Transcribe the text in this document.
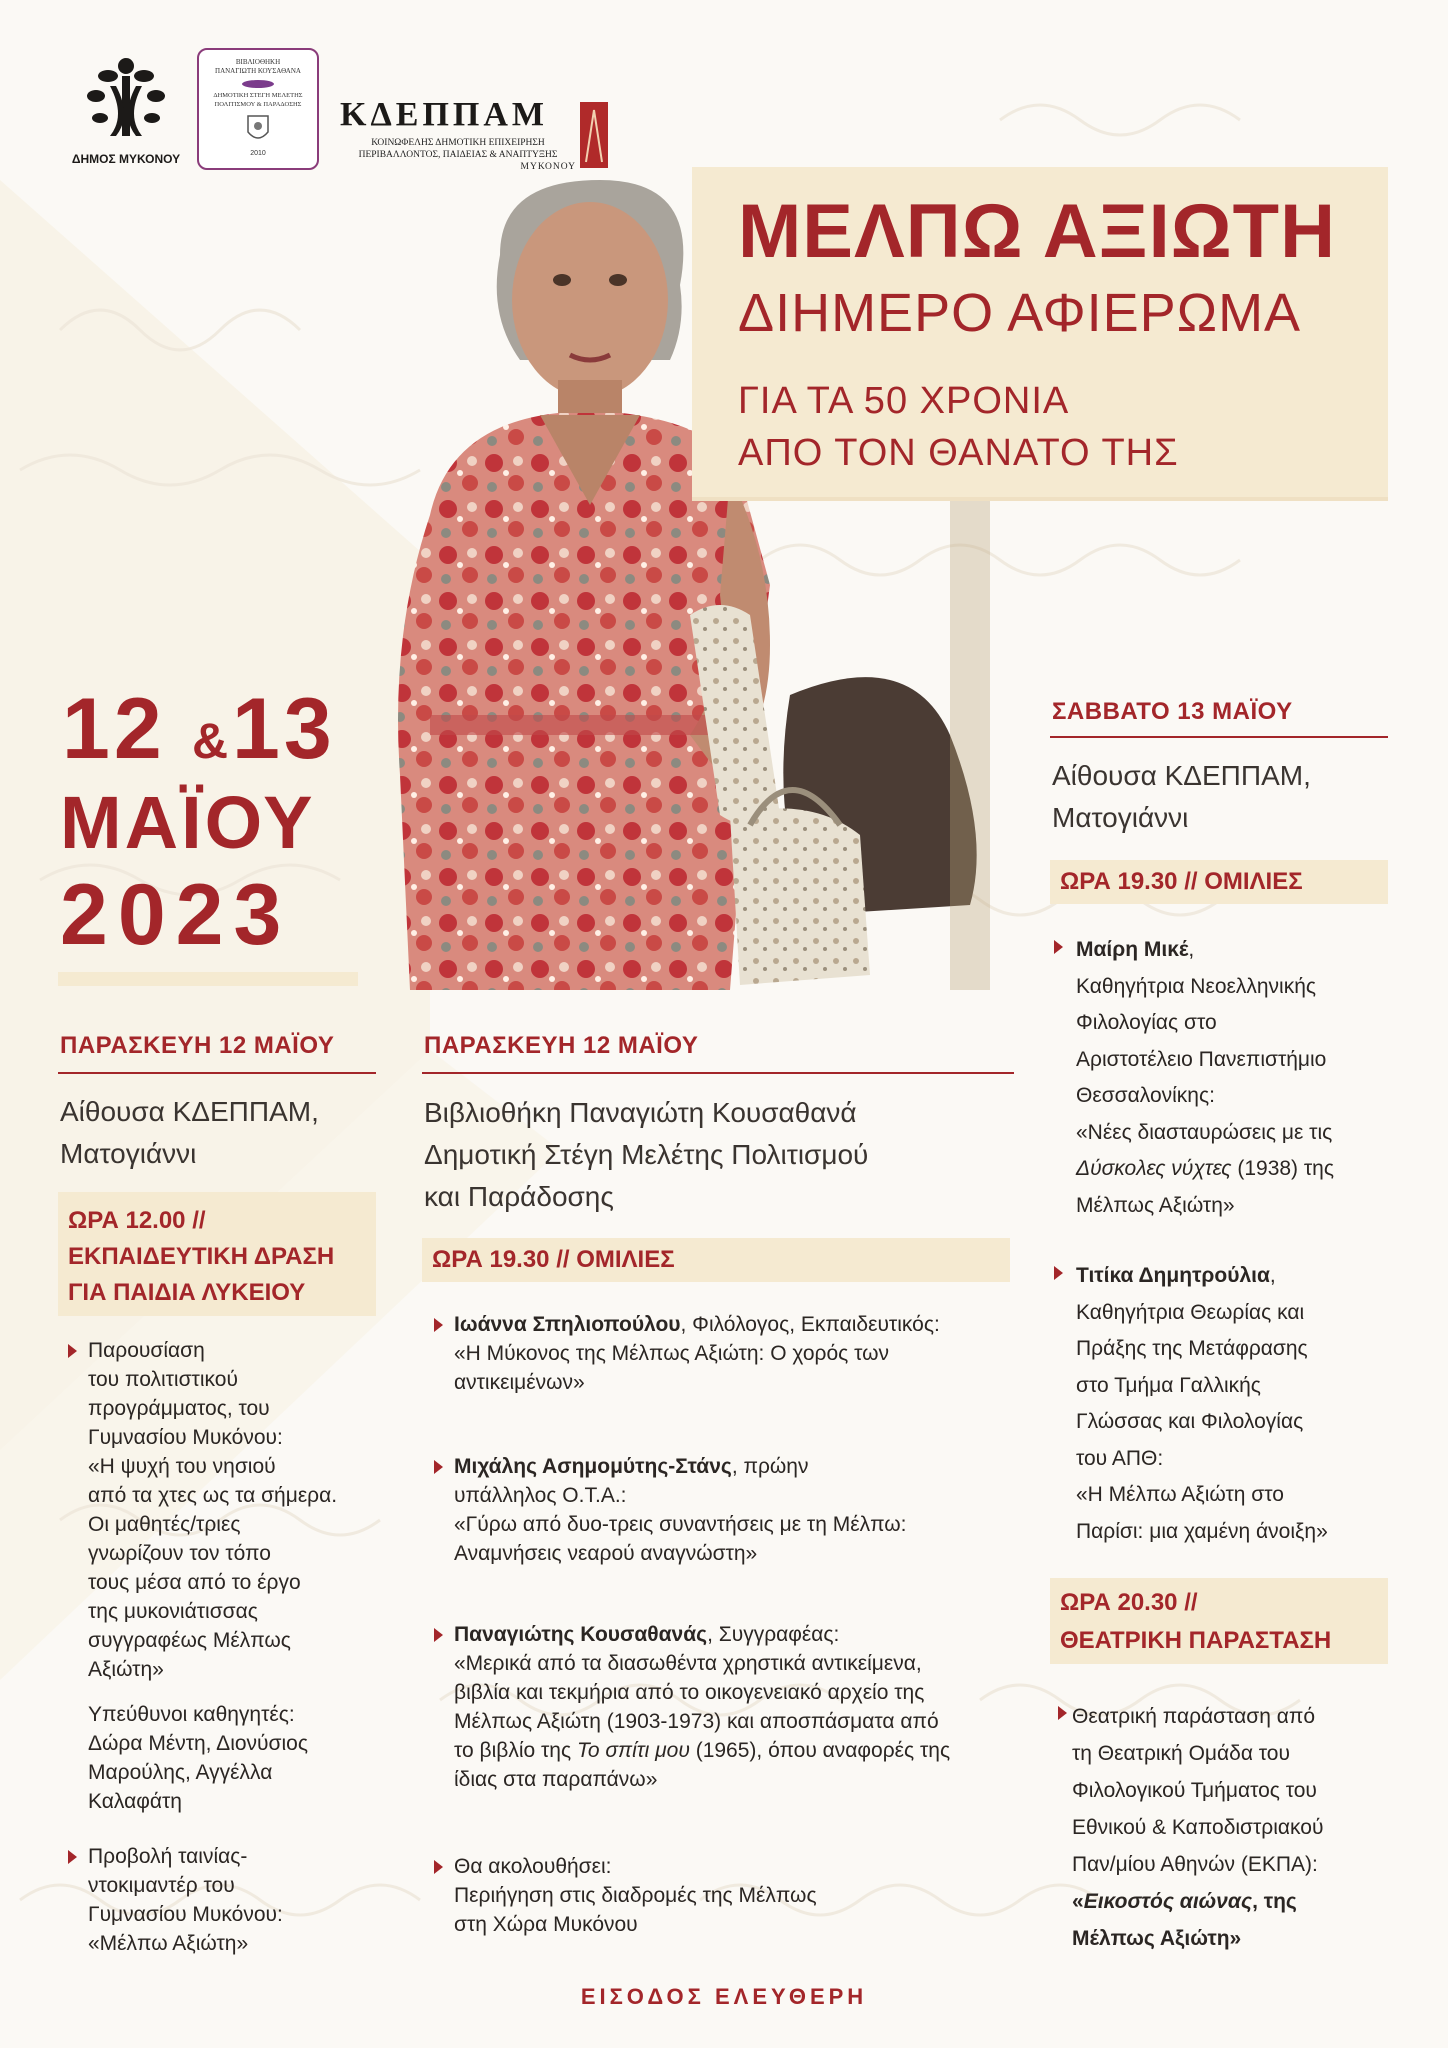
ΔΗΜΟΣ ΜΥΚΟΝΟΥ
ΒΙΒΛΙΟΘΗΚΗ
ΠΑΝΑΓΙΩΤΗ ΚΟΥΣΑΘΑΝΑ
ΔΗΜΟΤΙΚΗ ΣΤΕΓΗ ΜΕΛΕΤΗΣ
ΠΟΛΙΤΙΣΜΟΥ & ΠΑΡΑΔΟΣΗΣ
2010
ΚΔΕΠΠΑΜ
ΚΟΙΝΩΦΕΛΗΣ ΔΗΜΟΤΙΚΗ ΕΠΙΧΕΙΡΗΣΗ
ΠΕΡΙΒΑΛΛΟΝΤΟΣ, ΠΑΙΔΕΙΑΣ & ΑΝΑΠΤΥΞΗΣ
ΜΥΚΟΝΟΥ
ΜΕΛΠΩ ΑΞΙΩΤΗ
ΔΙΗΜΕΡΟ ΑΦΙΕΡΩΜΑ
ΓΙΑ ΤΑ 50 ΧΡΟΝΙΑ
ΑΠΟ ΤΟΝ ΘΑΝΑΤΟ ΤΗΣ
12 & 13
ΜΑΪΟΥ
2023
ΠΑΡΑΣΚΕΥΗ 12 ΜΑΪΟΥ
Αίθουσα ΚΔΕΠΠΑΜ,
Ματογιάννι
ΩΡΑ 12.00 //
ΕΚΠΑΙΔΕΥΤΙΚΗ ΔΡΑΣΗ
ΓΙΑ ΠΑΙΔΙΑ ΛΥΚΕΙΟΥ
Παρουσίαση
του πολιτιστικού
προγράμματος, του
Γυμνασίου Μυκόνου:
«Η ψυχή του νησιού
από τα χτες ως τα σήμερα.
Οι μαθητές/τριες
γνωρίζουν τον τόπο
τους μέσα από το έργο
της μυκονιάτισσας
συγγραφέως Μέλπως
Αξιώτη»
Υπεύθυνοι καθηγητές:
Δώρα Μέντη, Διονύσιος
Μαρούλης, Αγγέλλα
Καλαφάτη
Προβολή ταινίας-
ντοκιμαντέρ του
Γυμνασίου Μυκόνου:
«Μέλπω Αξιώτη»
ΠΑΡΑΣΚΕΥΗ 12 ΜΑΪΟΥ
Βιβλιοθήκη Παναγιώτη Κουσαθανά
Δημοτική Στέγη Μελέτης Πολιτισμού
και Παράδοσης
ΩΡΑ 19.30 // ΟΜΙΛΙΕΣ
Ιωάννα Σπηλιοπούλου, Φιλόλογος, Εκπαιδευτικός:
«Η Μύκονος της Μέλπως Αξιώτη: Ο χορός των
αντικειμένων»
Μιχάλης Ασημομύτης-Στάνς, πρώην
υπάλληλος Ο.Τ.Α.:
«Γύρω από δυο-τρεις συναντήσεις με τη Μέλπω:
Αναμνήσεις νεαρού αναγνώστη»
Παναγιώτης Κουσαθανάς, Συγγραφέας:
«Μερικά από τα διασωθέντα χρηστικά αντικείμενα,
βιβλία και τεκμήρια από το οικογενειακό αρχείο της
Μέλπως Αξιώτη (1903-1973) και αποσπάσματα από
το βιβλίο της Το σπίτι μου (1965), όπου αναφορές της
ίδιας στα παραπάνω»
Θα ακολουθήσει:
Περιήγηση στις διαδρομές της Μέλπως
στη Χώρα Μυκόνου
ΣΑΒΒΑΤΟ 13 ΜΑΪΟΥ
Αίθουσα ΚΔΕΠΠΑΜ,
Ματογιάννι
ΩΡΑ 19.30 // ΟΜΙΛΙΕΣ
Μαίρη Μικέ,
Καθηγήτρια Νεοελληνικής
Φιλολογίας στο
Αριστοτέλειο Πανεπιστήμιο
Θεσσαλονίκης:
«Νέες διασταυρώσεις με τις
Δύσκολες νύχτες (1938) της
Μέλπως Αξιώτη»
Τιτίκα Δημητρούλια,
Καθηγήτρια Θεωρίας και
Πράξης της Μετάφρασης
στο Τμήμα Γαλλικής
Γλώσσας και Φιλολογίας
του ΑΠΘ:
«Η Μέλπω Αξιώτη στο
Παρίσι: μια χαμένη άνοιξη»
ΩΡΑ 20.30 //
ΘΕΑΤΡΙΚΗ ΠΑΡΑΣΤΑΣΗ
Θεατρική παράσταση από
τη Θεατρική Ομάδα του
Φιλολογικού Τμήματος του
Εθνικού & Καποδιστριακού
Παν/μίου Αθηνών (ΕΚΠΑ):
«Εικοστός αιώνας, της
Μέλπως Αξιώτη»
ΕΙΣΟΔΟΣ ΕΛΕΥΘΕΡΗ
